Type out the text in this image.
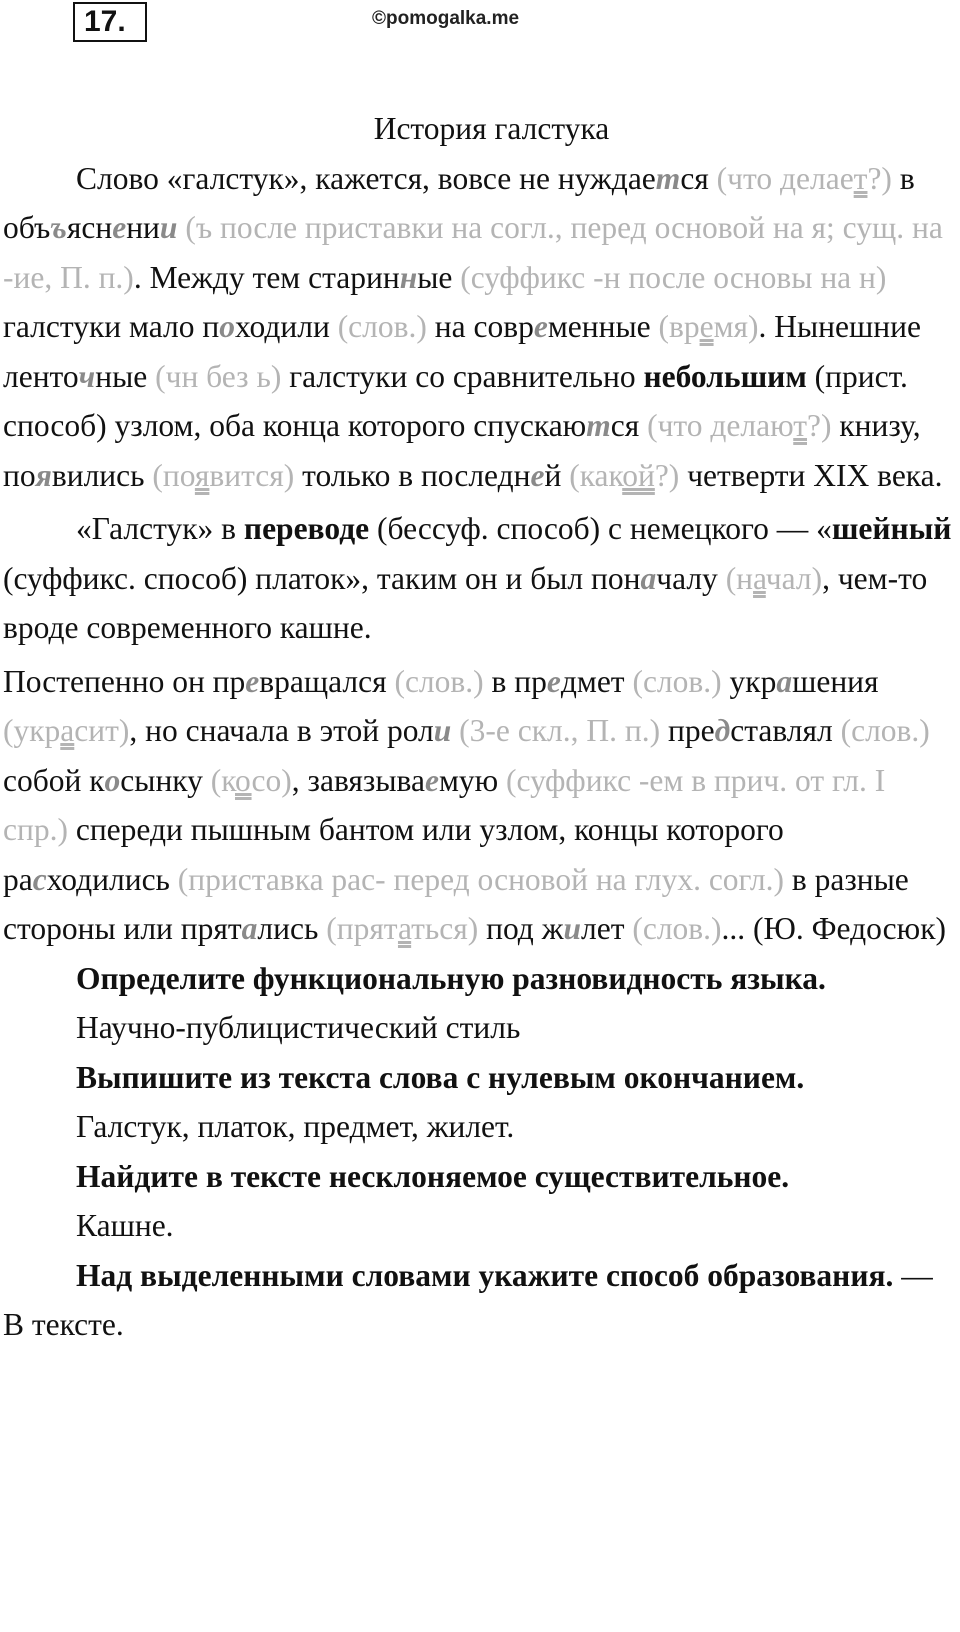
17.	©pomogalka.me

История галстука

Слово «галстук», кажется, вовсе не нуждается (что делает?) в объъяснении (ъ после приставки на согл., перед основой на я; сущ. на -ие, П. п.). Между тем старинные (суффикс -н после основы на н) галстуки мало походили (слов.) на современные (время). Нынешние ленточные (чн без ь) галстуки со сравнительно небольшим (прист. способ) узлом, оба конца которого спускаются (что делают?) книзу, появились (появится) только в последней (какой?) четверти XIX века.

«Галстук» в переводе (бессуф. способ) с немецкого — «шейный (суффикс. способ) платок», таким он и был поначалу (начал), чем-то вроде современного кашне.

Постепенно он превращался (слов.) в предмет (слов.) украшения (украсит), но сначала в этой роли (3-е скл., П. п.) представлял (слов.) собой косынку (косо), завязываемую (суффикс -ем в прич. от гл. I спр.) спереди пышным бантом или узлом, концы которого расходились (приставка рас- перед основой на глух. согл.) в разные стороны или прятались (прятаться) под жилет (слов.)... (Ю. Федосюк)

Определите функциональную разновидность языка.

Научно-публицистический стиль

Выпишите из текста слова с нулевым окончанием.

Галстук, платок, предмет, жилет.

Найдите в тексте несклоняемое существительное.

Кашне.

Над выделенными словами укажите способ образования. — В тексте.
